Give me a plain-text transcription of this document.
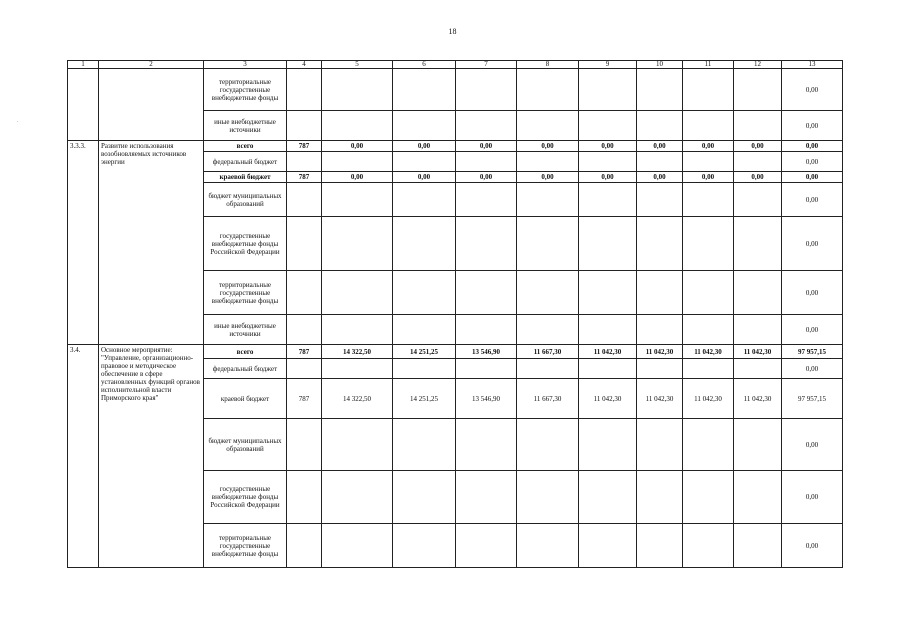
18
.
1	2	3	4	5	6	7	8	9	10	11	12	13
		территориальные государственные внебюджетные фонды										0,00
		иные внебюджетные источники										0,00
3.3.3.	Развитие использования возобновляемых источников энергии	всего	787	0,00	0,00	0,00	0,00	0,00	0,00	0,00	0,00	0,00
		федеральный бюджет										0,00
		краевой бюджет	787	0,00	0,00	0,00	0,00	0,00	0,00	0,00	0,00	0,00
		бюджет муниципальных образований										0,00
		государственные внебюджетные фонды Российской Федерации										0,00
		территориальные государственные внебюджетные фонды										0,00
		иные внебюджетные источники										0,00
3.4.	Основное мероприятие: "Управление, организационно-правовое и методическое обеспечение в сфере установленных функций органов исполнительной власти Приморского края"	всего	787	14 322,50	14 251,25	13 546,90	11 667,30	11 042,30	11 042,30	11 042,30	11 042,30	97 957,15
		федеральный бюджет										0,00
		краевой бюджет	787	14 322,50	14 251,25	13 546,90	11 667,30	11 042,30	11 042,30	11 042,30	11 042,30	97 957,15
		бюджет муниципальных образований										0,00
		государственные внебюджетные фонды Российской Федерации										0,00
		территориальные государственные внебюджетные фонды										0,00
